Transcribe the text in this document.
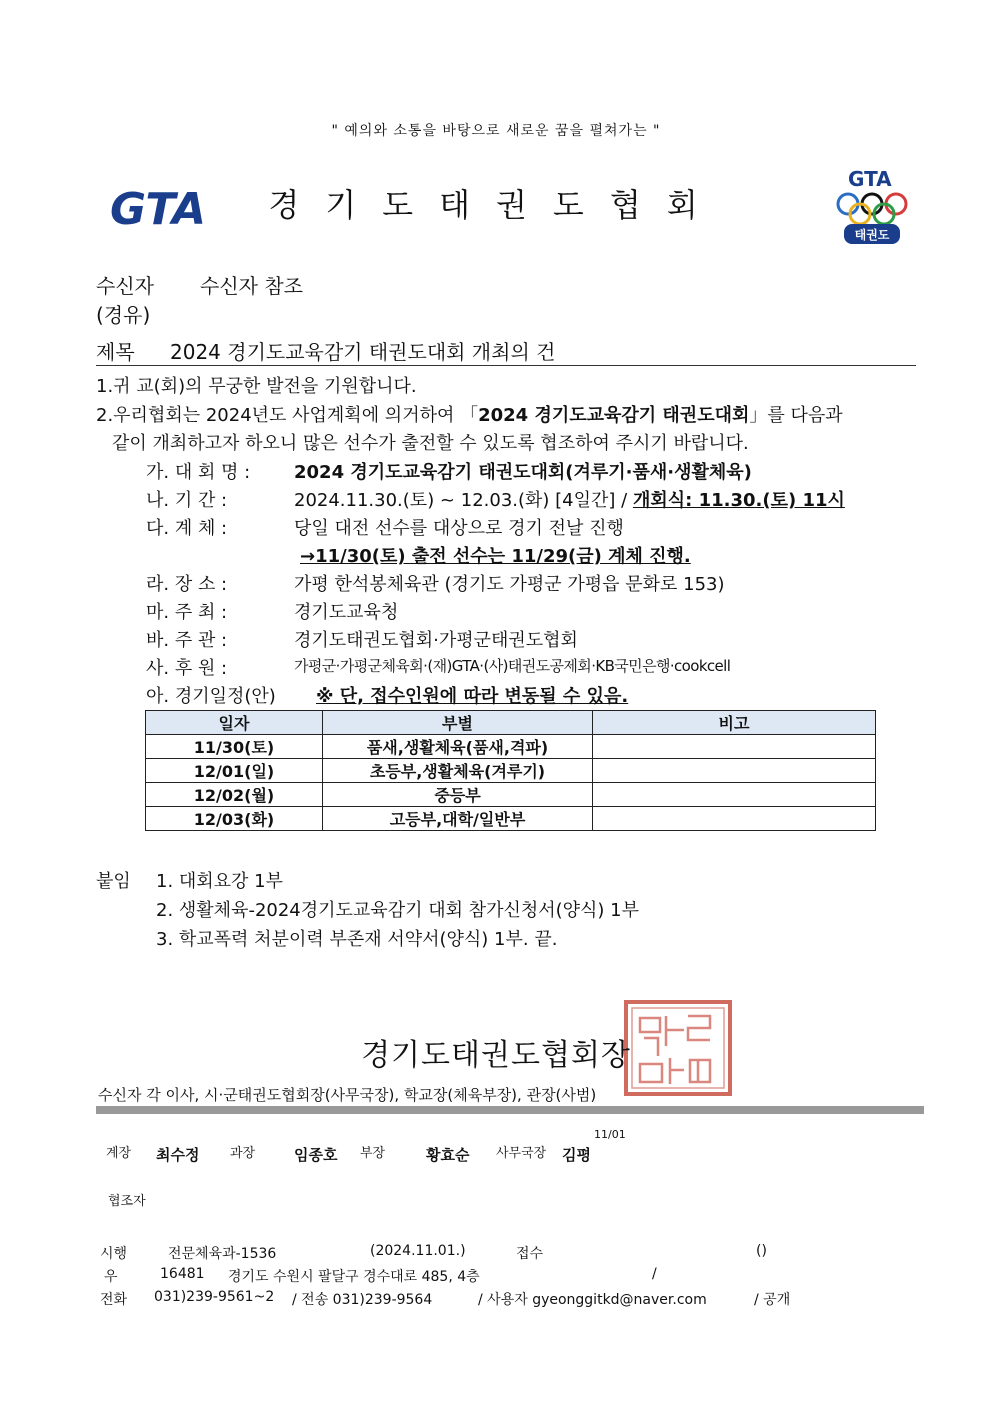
" 예의와 소통을 바탕으로 새로운 꿈을 펼쳐가는 "
GTA	경기도태권도협회
GTA
태권도
수신자 수신자 참조
(경유)
제목 2024 경기도교육감기 태권도대회 개최의 건
1.귀 교(회)의 무궁한 발전을 기원합니다.
2.우리협회는 2024년도 사업계획에 의거하여 「2024 경기도교육감기 태권도대회」를 다음과
같이 개최하고자 하오니 많은 선수가 출전할 수 있도록 협조하여 주시기 바랍니다.
가. 대 회 명 : 2024 경기도교육감기 태권도대회(겨루기·품새·생활체육)
나. 기 간 :	2024.11.30.(토) ~ 12.03.(화) [4일간] / 개회식: 11.30.(토) 11시
다. 계 체 :	당일 대전 선수를 대상으로 경기 전날 진행
→11/30(토) 출전 선수는 11/29(금) 계체 진행.
라. 장 소 :	가평 한석봉체육관 (경기도 가평군 가평읍 문화로 153)
마. 주 최 :	경기도교육청
바. 주 관 :	경기도태권도협회·가평군태권도협회
사. 후 원 :	가평군·가평군체육회·(재)GTA·(사)태권도공제회·KB국민은행·cookcell
아. 경기일정(안) ※ 단, 접수인원에 따라 변동될 수 있음.
일자	부별	비고
11/30(토)	품새,생활체육(품새,격파)	
12/01(일)	초등부,생활체육(겨루기)	
12/02(월)	중등부	
12/03(화)	고등부,대학/일반부	
붙임 1. 대회요강 1부
2. 생활체육-2024경기도교육감기 대회 참가신청서(양식) 1부
3. 학교폭력 처분이력 부존재 서약서(양식) 1부. 끝.
경기도태권도협회장
수신자 각 이사, 시·군태권도협회장(사무국장), 학교장(체육부장), 관장(사범)
11/01
계장 최수정 과장	임종호 부장	황효순 사무국장 김평
협조자
시행	전문체육과-1536	(2024.11.01.)	접수	()
우	16481 경기도 수원시 팔달구 경수대로 485, 4층	/
전화 031)239-9561~2 / 전송 031)239-9564	/ 사용자 gyeonggitkd@naver.com	/ 공개
